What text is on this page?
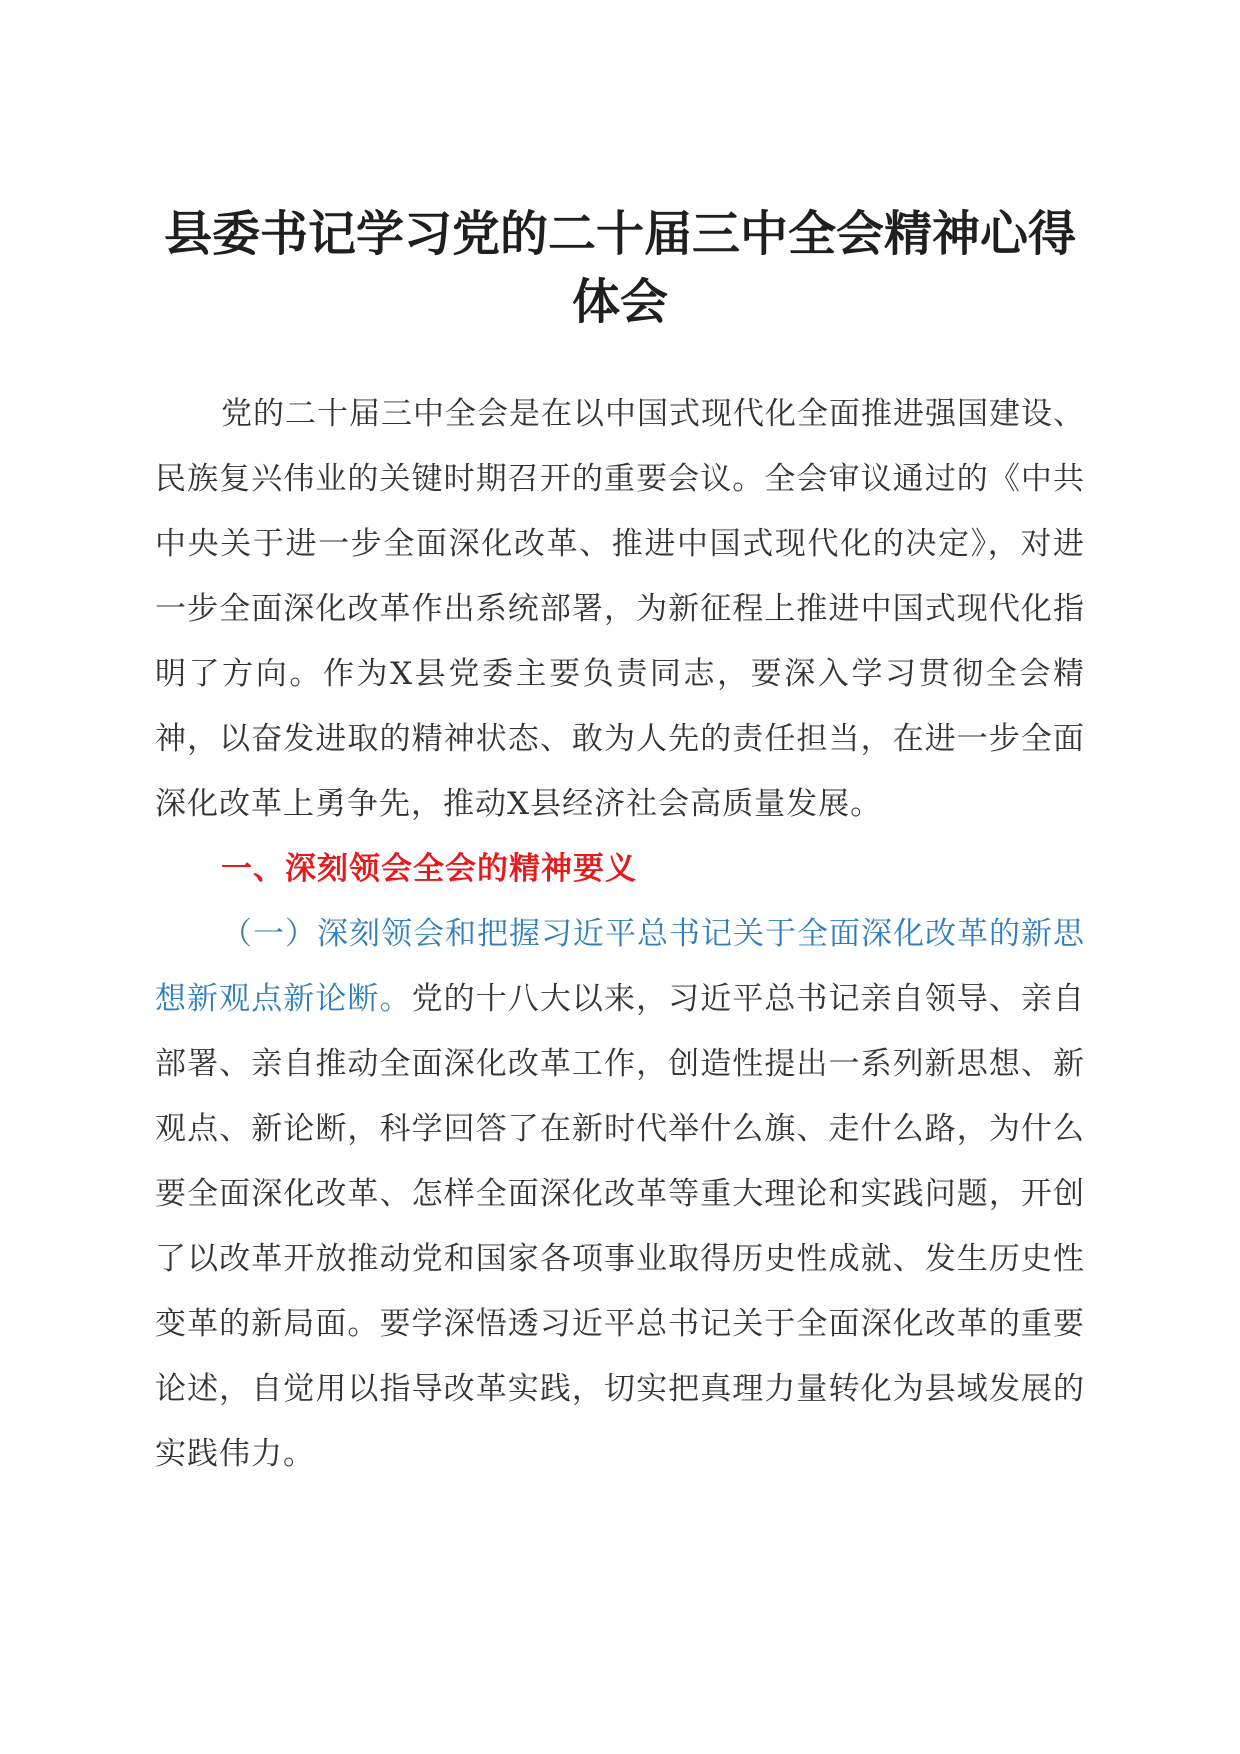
县委书记学习党的二十届三中全会精神心得体会

党的二十届三中全会是在以中国式现代化全面推进强国建设、民族复兴伟业的关键时期召开的重要会议。全会审议通过的《中共中央关于进一步全面深化改革、推进中国式现代化的决定》，对进一步全面深化改革作出系统部署，为新征程上推进中国式现代化指明了方向。作为X县党委主要负责同志，要深入学习贯彻全会精神，以奋发进取的精神状态、敢为人先的责任担当，在进一步全面深化改革上勇争先，推动X县经济社会高质量发展。

一、深刻领会全会的精神要义

（一）深刻领会和把握习近平总书记关于全面深化改革的新思想新观点新论断。党的十八大以来，习近平总书记亲自领导、亲自部署、亲自推动全面深化改革工作，创造性提出一系列新思想、新观点、新论断，科学回答了在新时代举什么旗、走什么路，为什么要全面深化改革、怎样全面深化改革等重大理论和实践问题，开创了以改革开放推动党和国家各项事业取得历史性成就、发生历史性变革的新局面。要学深悟透习近平总书记关于全面深化改革的重要论述，自觉用以指导改革实践，切实把真理力量转化为县域发展的实践伟力。
